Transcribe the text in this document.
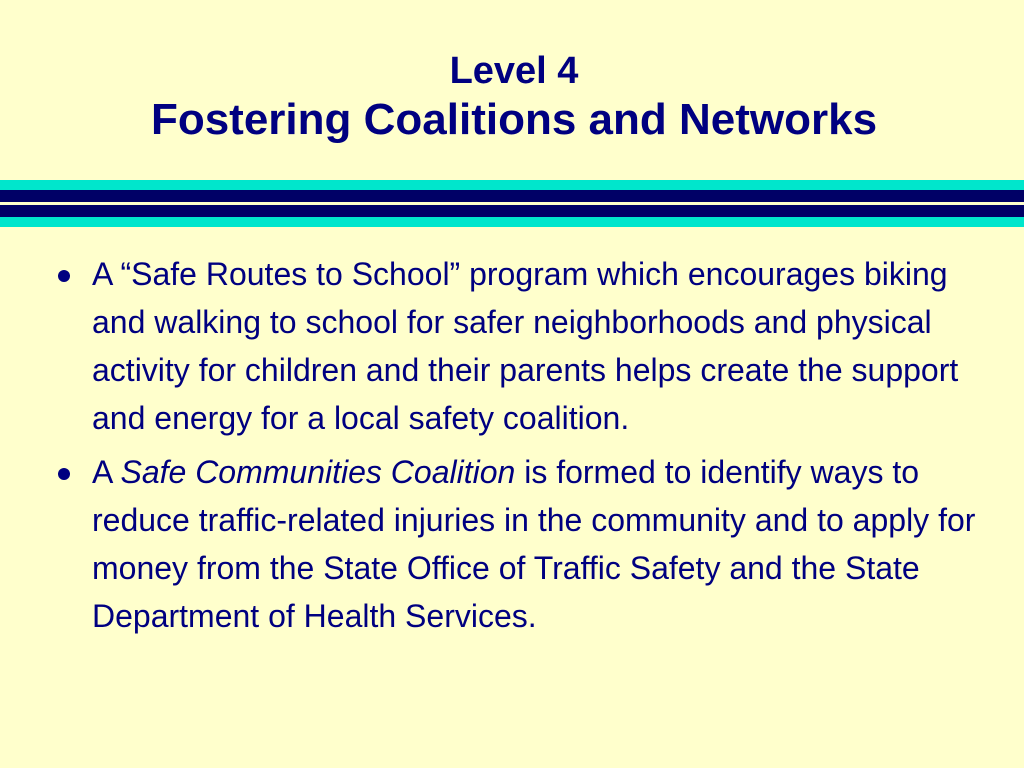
Level 4
Fostering Coalitions and Networks
A “Safe Routes to School” program which encourages biking and walking to school for safer neighborhoods and physical activity for children and their parents helps create the support and energy for a local safety coalition.
A Safe Communities Coalition is formed to identify ways to reduce traffic-related injuries in the community and to apply for money from the State Office of Traffic Safety and the State Department of Health Services.
